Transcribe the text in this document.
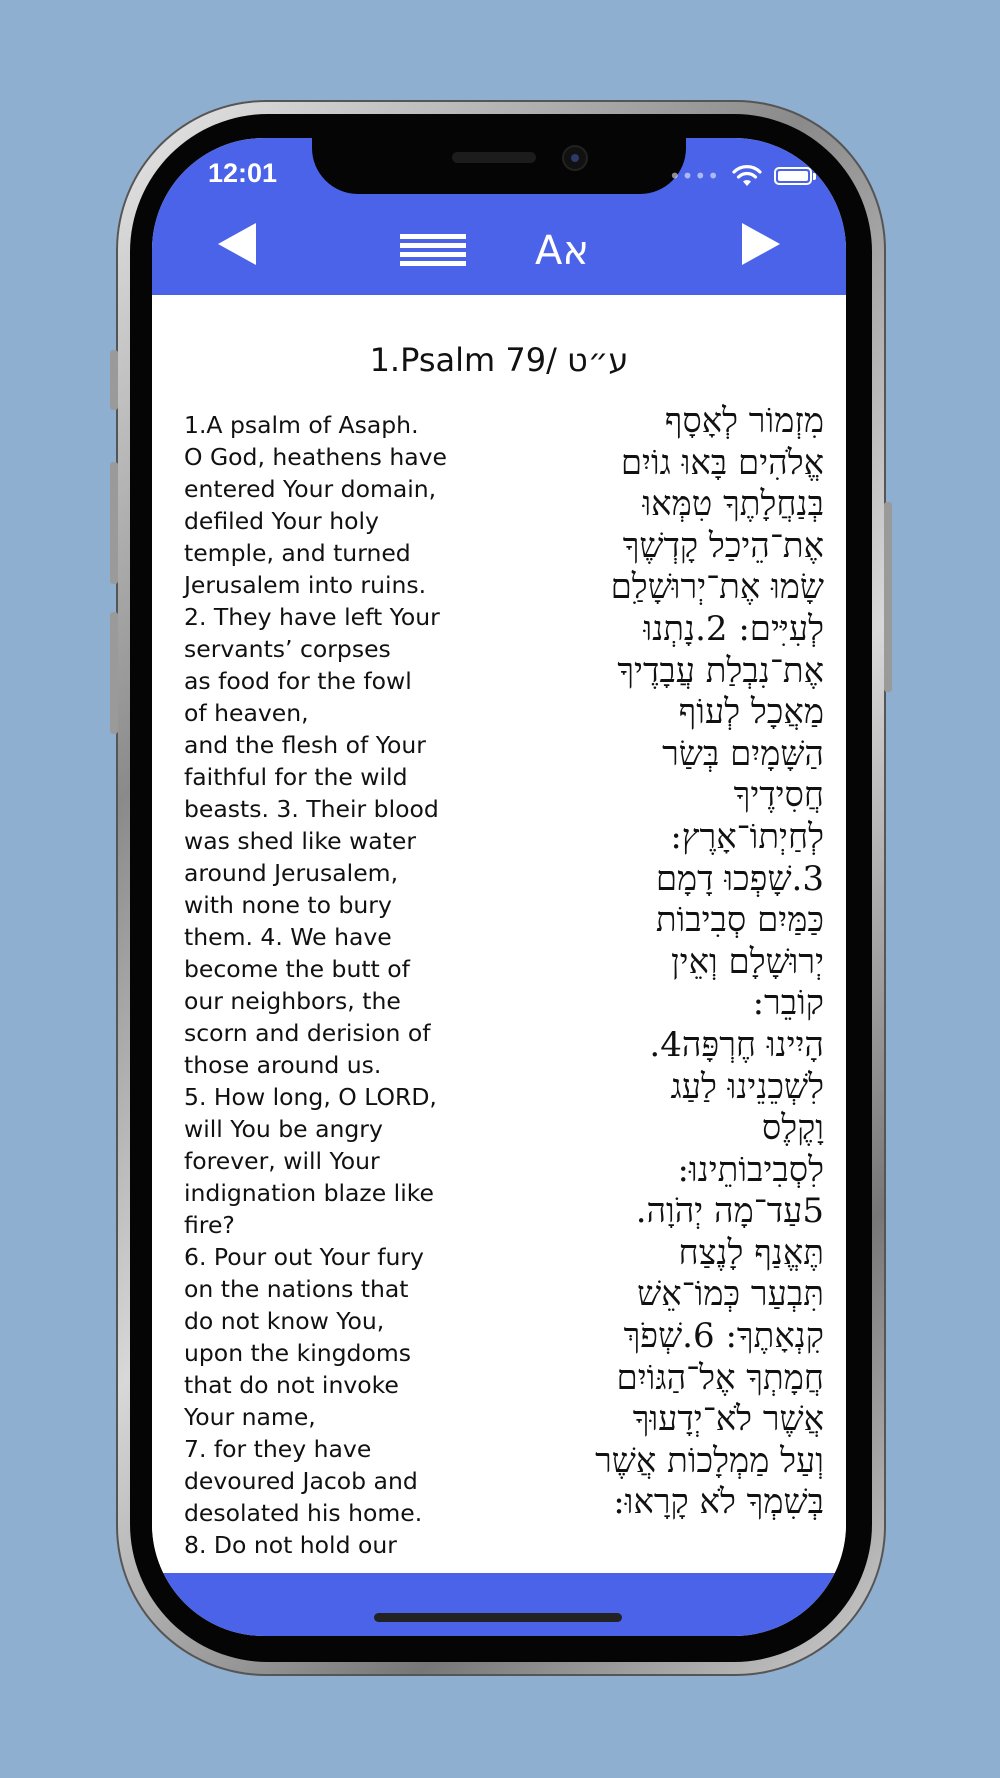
12:01	••••
Aא
1.Psalm 79/ ע״ט
1.A psalm of Asaph.
O God, heathens have
entered Your domain,
defiled Your holy
temple, and turned
Jerusalem into ruins.
2. They have left Your
servants’ corpses
as food for the fowl
of heaven,
and the flesh of Your
faithful for the wild
beasts. 3. Their blood
was shed like water
around Jerusalem,
with none to bury
them. 4. We have
become the butt of
our neighbors, the
scorn and derision of
those around us.
5. How long, O LORD,
will You be angry
forever, will Your
indignation blaze like
fire?
6. Pour out Your fury
on the nations that
do not know You,
upon the kingdoms
that do not invoke
Your name,
7. for they have
devoured Jacob and
desolated his home.
8. Do not hold our
מִזְמוֹר לְאָסָף
אֱלֹהִים בָּאוּ גוֹיִם
בְּנַחֲלָתֶךָ טִמְּאוּ
אֶת־הֵיכַל קָדְשֶׁךָ
שָׂמוּ אֶת־יְרוּשָׁלִַם
לְעִיִּים: 2.נָתְנוּ
אֶת־נִבְלַת עֲבָדֶיךָ
מַאֲכָל לְעוֹף
הַשָּׁמָיִם בְּשַׂר
חֲסִידֶיךָ
לְחַיְתוֹ־אָרֶץ:
3.שָׁפְכוּ דָמָם
כַּמַּיִם סְבִיבוֹת
יְרוּשָׁלָם וְאֵין
קוֹבֵר:
הָיִינוּ חֶרְפָּה4.
לִשְׁכֵנֵינוּ לַעַג
וָקֶלֶס
לִסְבִיבוֹתֵינוּ:
5עַד־מָה יְהֹוָה.
תֶּאֱנַף לָנֶצַח
תִּבְעַר כְּמוֹ־אֵשׁ
קִנְאָתֶךָ: 6.שְׁפֹךְ
חֲמָתְךָ אֶל־הַגּוֹיִם
אֲשֶׁר לֹא־יְדָעוּךָ
וְעַל מַמְלָכוֹת אֲשֶׁר
בְּשִׁמְךָ לֹא קָרָאוּ:
